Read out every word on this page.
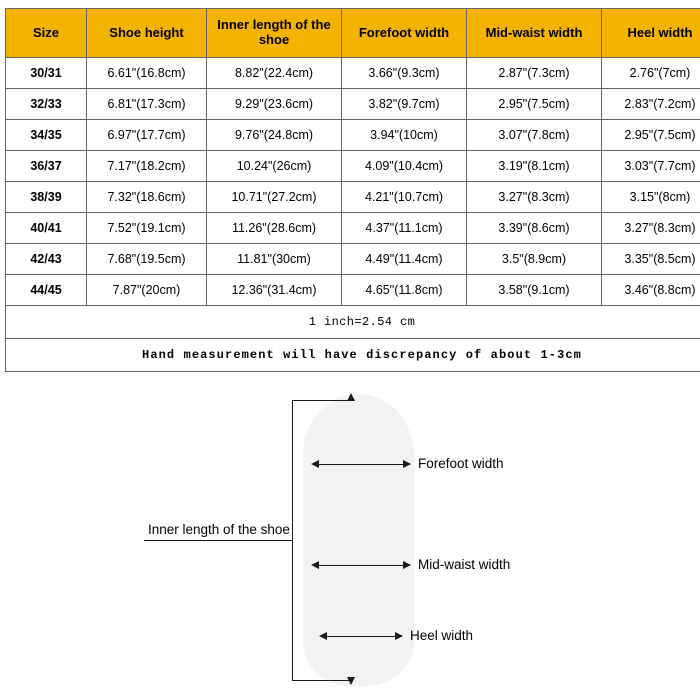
Size	Shoe height	Inner length of the shoe	Forefoot width	Mid-waist width	Heel width
30/31	6.61"(16.8cm)	8.82"(22.4cm)	3.66"(9.3cm)	2.87"(7.3cm)	2.76"(7cm)
32/33	6.81"(17.3cm)	9.29"(23.6cm)	3.82"(9.7cm)	2.95"(7.5cm)	2.83"(7.2cm)
34/35	6.97"(17.7cm)	9.76"(24.8cm)	3.94"(10cm)	3.07"(7.8cm)	2.95"(7.5cm)
36/37	7.17"(18.2cm)	10.24"(26cm)	4.09"(10.4cm)	3.19"(8.1cm)	3.03"(7.7cm)
38/39	7.32"(18.6cm)	10.71"(27.2cm)	4.21"(10.7cm)	3.27"(8.3cm)	3.15"(8cm)
40/41	7.52"(19.1cm)	11.26"(28.6cm)	4.37"(11.1cm)	3.39"(8.6cm)	3.27"(8.3cm)
42/43	7.68"(19.5cm)	11.81"(30cm)	4.49"(11.4cm)	3.5"(8.9cm)	3.35"(8.5cm)
44/45	7.87"(20cm)	12.36"(31.4cm)	4.65"(11.8cm)	3.58"(9.1cm)	3.46"(8.8cm)
1 inch=2.54 cm					
Hand measurement will have discrepancy of about 1-3cm					
Inner length of the shoe
Forefoot width
Mid-waist width
Heel width
